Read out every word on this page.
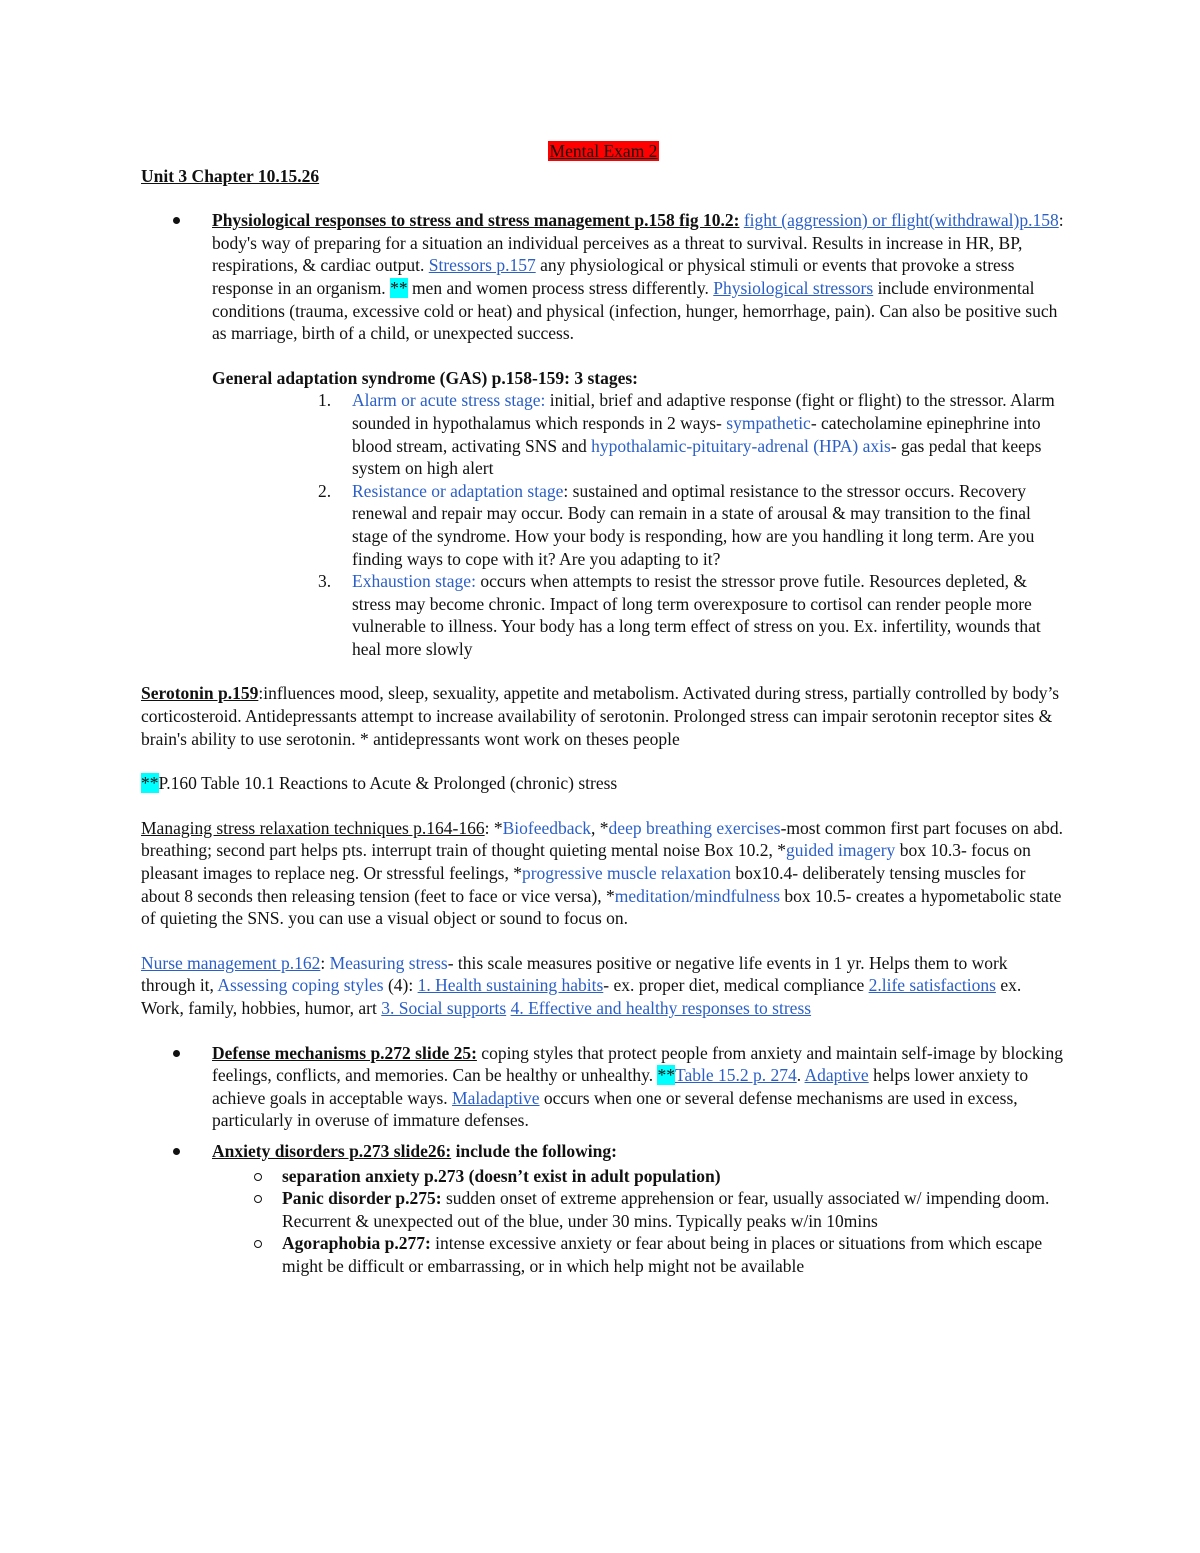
Mental Exam 2

Unit 3 Chapter 10.15.26

Physiological responses to stress and stress management p.158 fig 10.2: fight (aggression) or flight(withdrawal)p.158: body's way of preparing for a situation an individual perceives as a threat to survival. Results in increase in HR, BP, respirations, & cardiac output. Stressors p.157 any physiological or physical stimuli or events that provoke a stress response in an organism. ** men and women process stress differently. Physiological stressors include environmental conditions (trauma, excessive cold or heat) and physical (infection, hunger, hemorrhage, pain). Can also be positive such as marriage, birth of a child, or unexpected success.

General adaptation syndrome (GAS) p.158-159: 3 stages:

1. Alarm or acute stress stage: initial, brief and adaptive response (fight or flight) to the stressor. Alarm sounded in hypothalamus which responds in 2 ways- sympathetic- catecholamine epinephrine into blood stream, activating SNS and hypothalamic-pituitary-adrenal (HPA) axis- gas pedal that keeps system on high alert
2. Resistance or adaptation stage: sustained and optimal resistance to the stressor occurs. Recovery renewal and repair may occur. Body can remain in a state of arousal & may transition to the final stage of the syndrome. How your body is responding, how are you handling it long term. Are you finding ways to cope with it? Are you adapting to it?
3. Exhaustion stage: occurs when attempts to resist the stressor prove futile. Resources depleted, & stress may become chronic. Impact of long term overexposure to cortisol can render people more vulnerable to illness. Your body has a long term effect of stress on you. Ex. infertility, wounds that heal more slowly

Serotonin p.159:influences mood, sleep, sexuality, appetite and metabolism. Activated during stress, partially controlled by body’s corticosteroid. Antidepressants attempt to increase availability of serotonin. Prolonged stress can impair serotonin receptor sites & brain's ability to use serotonin. * antidepressants wont work on theses people

**P.160 Table 10.1 Reactions to Acute & Prolonged (chronic) stress

Managing stress relaxation techniques p.164-166: *Biofeedback, *deep breathing exercises-most common first part focuses on abd. breathing; second part helps pts. interrupt train of thought quieting mental noise Box 10.2, *guided imagery box 10.3- focus on pleasant images to replace neg. Or stressful feelings, *progressive muscle relaxation box10.4- deliberately tensing muscles for about 8 seconds then releasing tension (feet to face or vice versa), *meditation/mindfulness box 10.5- creates a hypometabolic state of quieting the SNS. you can use a visual object or sound to focus on.

Nurse management p.162: Measuring stress- this scale measures positive or negative life events in 1 yr. Helps them to work through it, Assessing coping styles (4): 1. Health sustaining habits- ex. proper diet, medical compliance 2.life satisfactions ex. Work, family, hobbies, humor, art 3. Social supports 4. Effective and healthy responses to stress

Defense mechanisms p.272 slide 25: coping styles that protect people from anxiety and maintain self-image by blocking feelings, conflicts, and memories. Can be healthy or unhealthy. **Table 15.2 p. 274. Adaptive helps lower anxiety to achieve goals in acceptable ways. Maladaptive occurs when one or several defense mechanisms are used in excess, particularly in overuse of immature defenses.
Anxiety disorders p.273 slide26: include the following:
separation anxiety p.273 (doesn’t exist in adult population)
Panic disorder p.275: sudden onset of extreme apprehension or fear, usually associated w/ impending doom. Recurrent & unexpected out of the blue, under 30 mins. Typically peaks w/in 10mins
Agoraphobia p.277: intense excessive anxiety or fear about being in places or situations from which escape might be difficult or embarrassing, or in which help might not be available
